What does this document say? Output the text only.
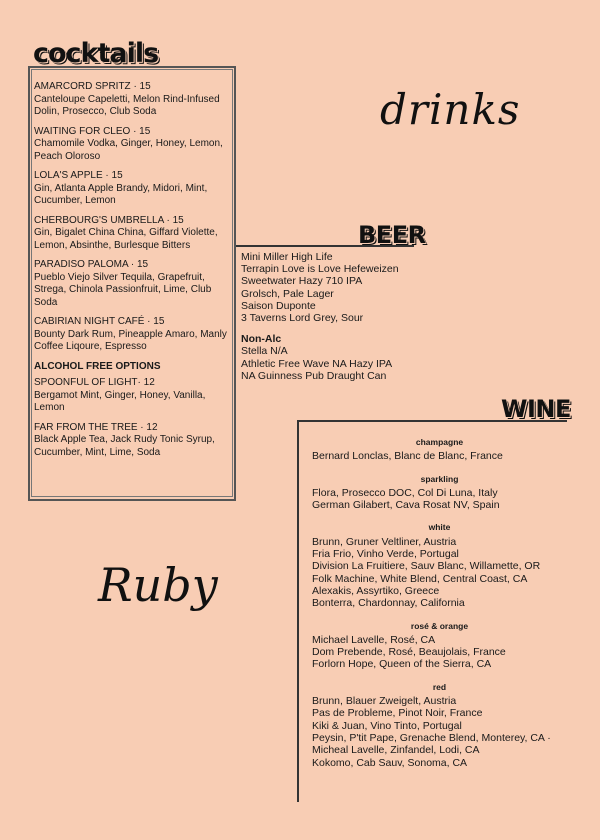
cocktails
AMARCORD SPRITZ · 15
Canteloupe Capeletti, Melon Rind-Infused Dolin, Prosecco, Club Soda
WAITING FOR CLEO · 15
Chamomile Vodka, Ginger, Honey, Lemon, Peach Oloroso
LOLA'S APPLE · 15
Gin, Atlanta Apple Brandy, Midori, Mint, Cucumber, Lemon
CHERBOURG'S UMBRELLA · 15
Gin, Bigalet China China, Giffard Violette, Lemon, Absinthe, Burlesque Bitters
PARADISO PALOMA · 15
Pueblo Viejo Silver Tequila, Grapefruit, Strega, Chinola Passionfruit, Lime, Club Soda
CABIRIAN NIGHT CAFÉ · 15
Bounty Dark Rum, Pineapple Amaro, Manly Coffee Liqoure, Espresso
ALCOHOL FREE OPTIONS
SPOONFUL OF LIGHT· 12
Bergamot Mint, Ginger, Honey, Vanilla, Lemon
FAR FROM THE TREE · 12
Black Apple Tea, Jack Rudy Tonic Syrup, Cucumber, Mint, Lime, Soda
drinks
Ruby
BEER
Mini Miller High Life
Terrapin Love is Love Hefeweizen
Sweetwater Hazy 710 IPA
Grolsch, Pale Lager
Saison Duponte
3 Taverns Lord Grey, Sour
Non-Alc
Stella N/A
Athletic Free Wave NA Hazy IPA
NA Guinness Pub Draught Can
WINE
champagne
Bernard Lonclas, Blanc de Blanc, France
sparkling
Flora, Prosecco DOC, Col Di Luna, Italy
German Gilabert, Cava Rosat NV, Spain
white
Brunn, Gruner Veltliner, Austria
Fria Frio, Vinho Verde, Portugal
Division La Fruitiere, Sauv Blanc, Willamette, OR
Folk Machine, White Blend, Central Coast, CA
Alexakis, Assyrtiko, Greece
Bonterra, Chardonnay, California
rosé & orange
Michael Lavelle, Rosé, CA
Dom Prebende, Rosé, Beaujolais, France
Forlorn Hope, Queen of the Sierra, CA
red
Brunn, Blauer Zweigelt, Austria
Pas de Probleme, Pinot Noir, France
Kiki & Juan, Vino Tinto, Portugal
Peysin, P'tit Pape, Grenache Blend, Monterey, CA ·
Micheal Lavelle, Zinfandel, Lodi, CA
Kokomo, Cab Sauv, Sonoma, CA
